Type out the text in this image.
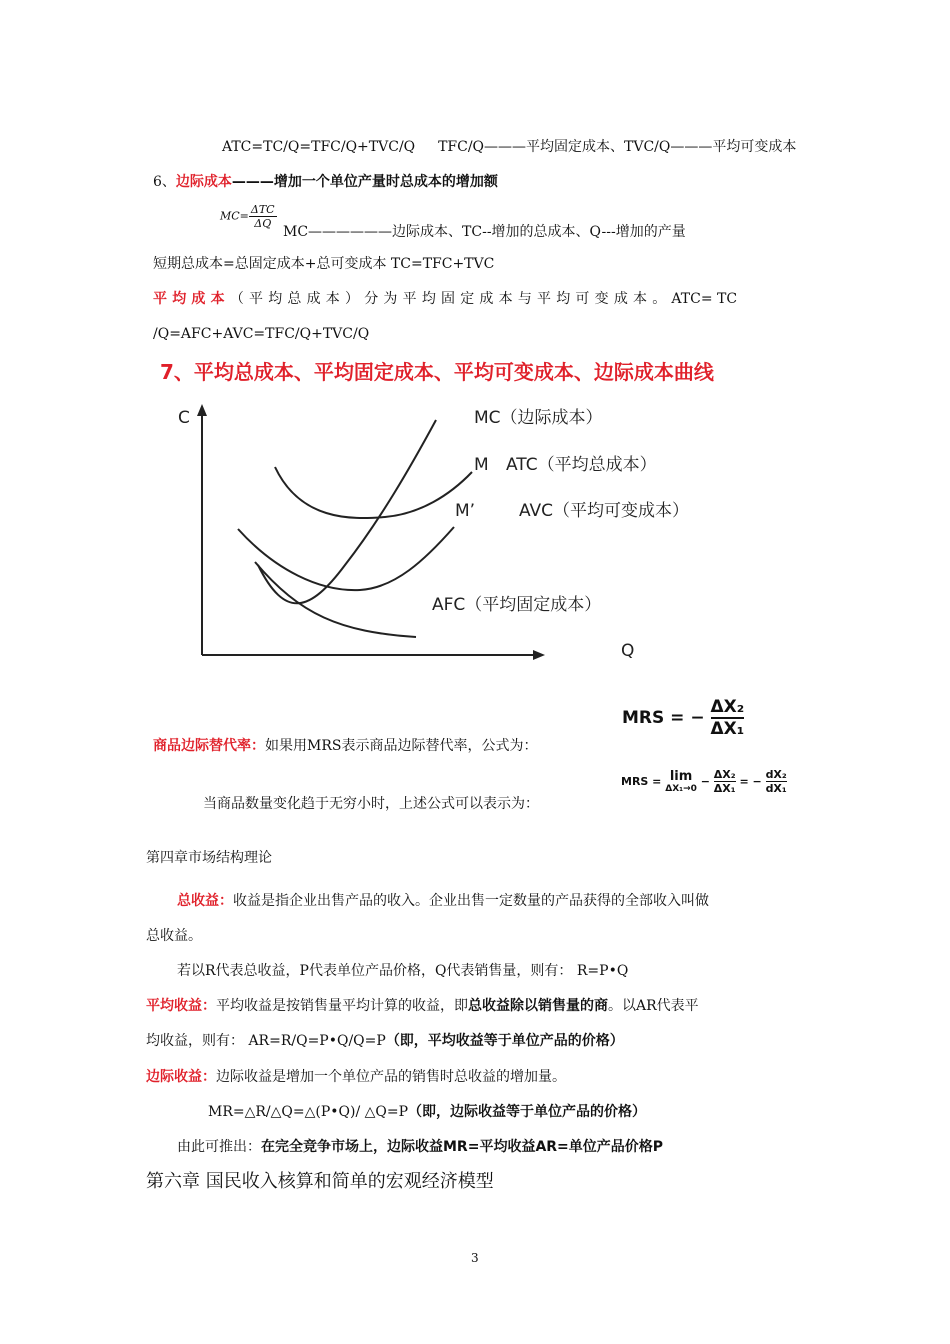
ATC=TC/Q=TFC/Q+TVC/Q TFC/Q———平均固定成本、TVC/Q———平均可变成本
6、边际成本———增加一个单位产量时总成本的增加额
$MC= \frac{\text{ΔTC}}{\Delta Q}$
MC——————边际成本、TC--增加的总成本、Q---增加的产量
短期总成本=总固定成本+总可变成本 TC=TFC+TVC
平均成本（平均总成本）分为平均固定成本与平均可变成本。ATC= TC
/Q=AFC+AVC=TFC/Q+TVC/Q
7、平均总成本、平均固定成本、平均可变成本、边际成本曲线
C
Q
MC（边际成本）
M ATC（平均总成本）
M’	AVC（平均可变成本）
AFC（平均固定成本）
MRS = − $\frac{\text{ΔX₂}}{\text{ΔX₁}}$
商品边际替代率：如果用MRS表示商品边际替代率，公式为：
MRS = lim
ΔX₁→0
− $\frac{\text{ΔX₂}}{\text{ΔX₁}}$ = − $\frac{\text{dX₂}}{\text{dX₁}}$
当商品数量变化趋于无穷小时，上述公式可以表示为：
第四章市场结构理论
总收益：收益是指企业出售产品的收入。企业出售一定数量的产品获得的全部收入叫做
总收益。
若以R代表总收益，P代表单位产品价格，Q代表销售量，则有： R=P•Q
平均收益：平均收益是按销售量平均计算的收益，即总收益除以销售量的商。以AR代表平
均收益，则有： AR=R/Q=P•Q/Q=P（即，平均收益等于单位产品的价格）
边际收益：边际收益是增加一个单位产品的销售时总收益的增加量。
MR=△R/△Q=△(P•Q)/ △Q=P（即，边际收益等于单位产品的价格）
由此可推出：在完全竞争市场上，边际收益MR=平均收益AR=单位产品价格P
第六章 国民收入核算和简单的宏观经济模型
3
